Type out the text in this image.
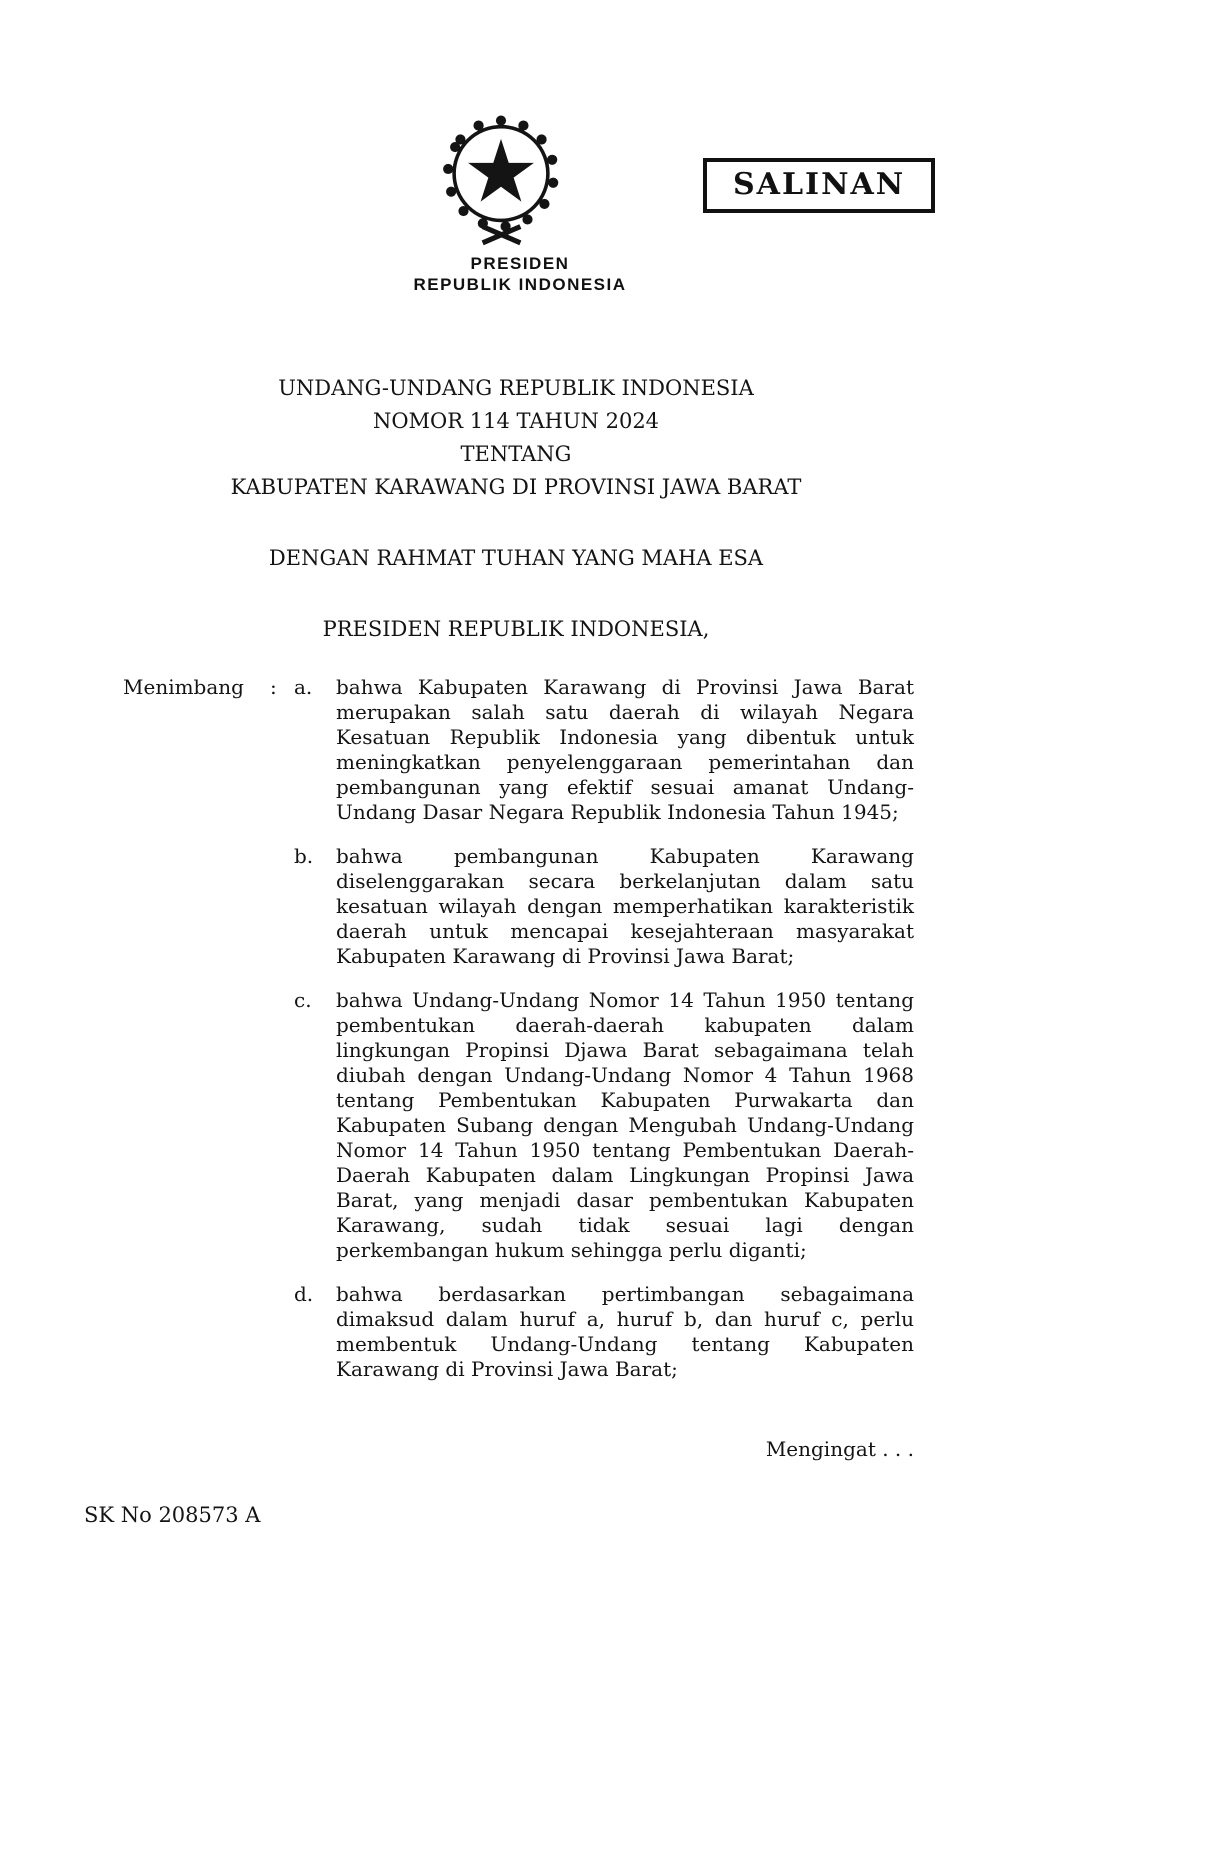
SALINAN
PRESIDEN
REPUBLIK INDONESIA
UNDANG-UNDANG REPUBLIK INDONESIA
NOMOR 114 TAHUN 2024
TENTANG
KABUPATEN KARAWANG DI PROVINSI JAWA BARAT
DENGAN RAHMAT TUHAN YANG MAHA ESA
PRESIDEN REPUBLIK INDONESIA,
Menimbang	: a.	bahwa Kabupaten Karawang di Provinsi Jawa Barat merupakan salah satu daerah di wilayah Negara Kesatuan Republik Indonesia yang dibentuk untuk meningkatkan penyelenggaraan pemerintahan dan pembangunan yang efektif sesuai amanat Undang-Undang Dasar Negara Republik Indonesia Tahun 1945;
b.	bahwa pembangunan Kabupaten Karawang diselenggarakan secara berkelanjutan dalam satu kesatuan wilayah dengan memperhatikan karakteristik daerah untuk mencapai kesejahteraan masyarakat Kabupaten Karawang di Provinsi Jawa Barat;
c.	bahwa Undang-Undang Nomor 14 Tahun 1950 tentang pembentukan daerah-daerah kabupaten dalam lingkungan Propinsi Djawa Barat sebagaimana telah diubah dengan Undang-Undang Nomor 4 Tahun 1968 tentang Pembentukan Kabupaten Purwakarta dan Kabupaten Subang dengan Mengubah Undang-Undang Nomor 14 Tahun 1950 tentang Pembentukan Daerah-Daerah Kabupaten dalam Lingkungan Propinsi Jawa Barat, yang menjadi dasar pembentukan Kabupaten Karawang, sudah tidak sesuai lagi dengan perkembangan hukum sehingga perlu diganti;
d.	bahwa berdasarkan pertimbangan sebagaimana dimaksud dalam huruf a, huruf b, dan huruf c, perlu membentuk Undang-Undang tentang Kabupaten Karawang di Provinsi Jawa Barat;
Mengingat . . .
SK No 208573 A
